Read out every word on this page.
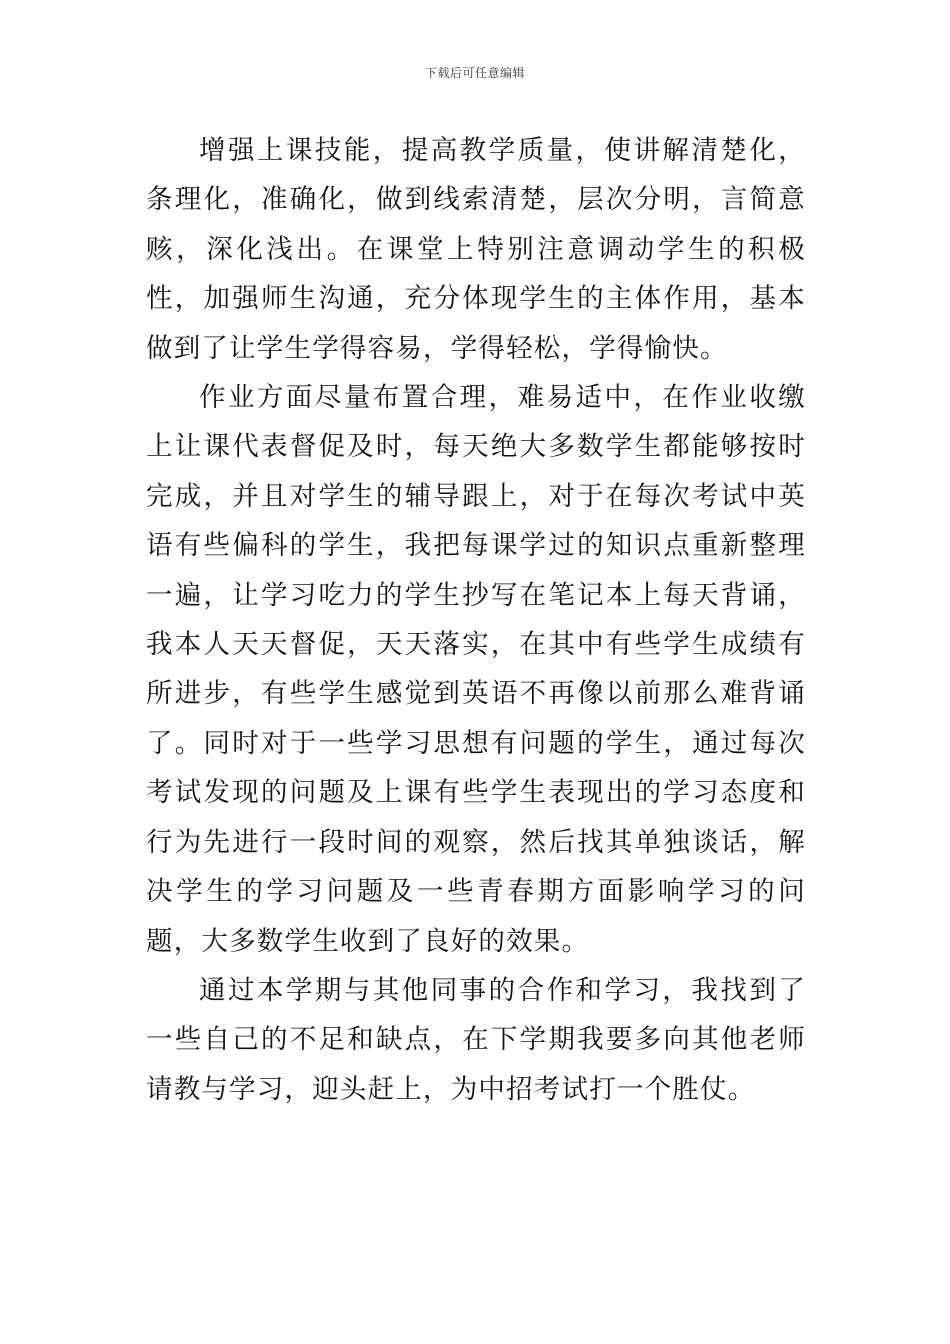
下载后可任意编辑

增强上课技能，提高教学质量，使讲解清楚化，条理化，准确化，做到线索清楚，层次分明，言简意赅，深化浅出。在课堂上特别注意调动学生的积极性，加强师生沟通，充分体现学生的主体作用，基本做到了让学生学得容易，学得轻松，学得愉快。

作业方面尽量布置合理，难易适中，在作业收缴上让课代表督促及时，每天绝大多数学生都能够按时完成，并且对学生的辅导跟上，对于在每次考试中英语有些偏科的学生，我把每课学过的知识点重新整理一遍，让学习吃力的学生抄写在笔记本上每天背诵，我本人天天督促，天天落实，在其中有些学生成绩有所进步，有些学生感觉到英语不再像以前那么难背诵了。同时对于一些学习思想有问题的学生，通过每次考试发现的问题及上课有些学生表现出的学习态度和行为先进行一段时间的观察，然后找其单独谈话，解决学生的学习问题及一些青春期方面影响学习的问题，大多数学生收到了良好的效果。

通过本学期与其他同事的合作和学习，我找到了一些自己的不足和缺点，在下学期我要多向其他老师请教与学习，迎头赶上，为中招考试打一个胜仗。
